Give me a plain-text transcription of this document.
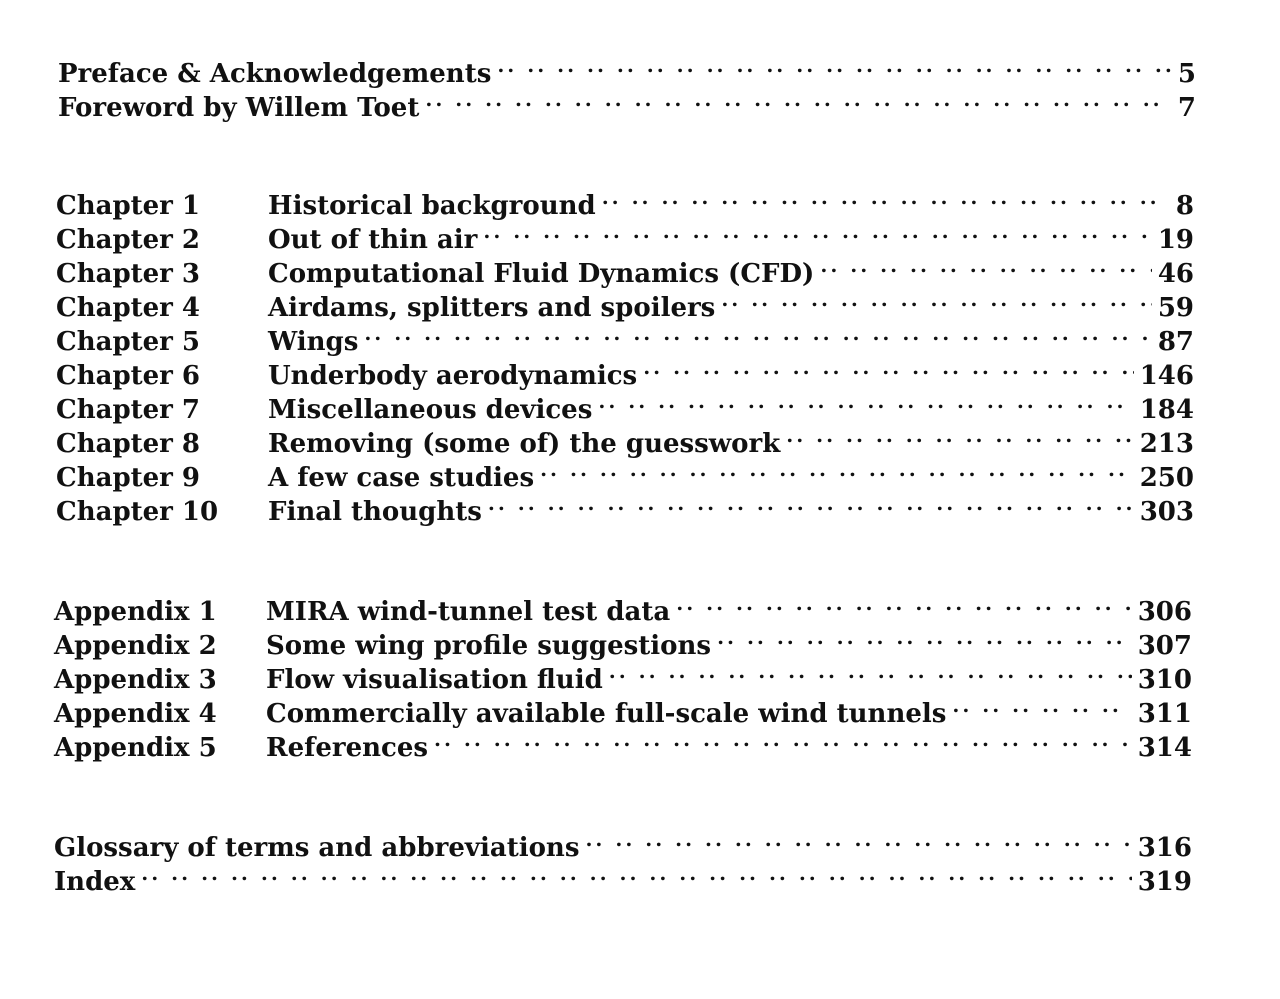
Preface & Acknowledgements .. ..	5
Foreword by Willem Toet .. ..	7
Chapter 1	Historical background .. ..	8
Chapter 2	Out of thin air .. ..	19
Chapter 3	Computational Fluid Dynamics (CFD) .. ..	46
Chapter 4	Airdams, splitters and spoilers .. ..	59
Chapter 5	Wings .. ..	87
Chapter 6	Underbody aerodynamics .. ..	146
Chapter 7	Miscellaneous devices .. ..	184
Chapter 8	Removing (some of) the guesswork .. ..	213
Chapter 9	A few case studies .. ..	250
Chapter 10	Final thoughts .. ..	303
Appendix 1	MIRA wind-tunnel test data .. ..	306
Appendix 2	Some wing profile suggestions .. ..	307
Appendix 3	Flow visualisation fluid .. ..	310
Appendix 4	Commercially available full-scale wind tunnels .. ..	311
Appendix 5	References .. ..	314
Glossary of terms and abbreviations .. ..	316
Index .. ..	319
